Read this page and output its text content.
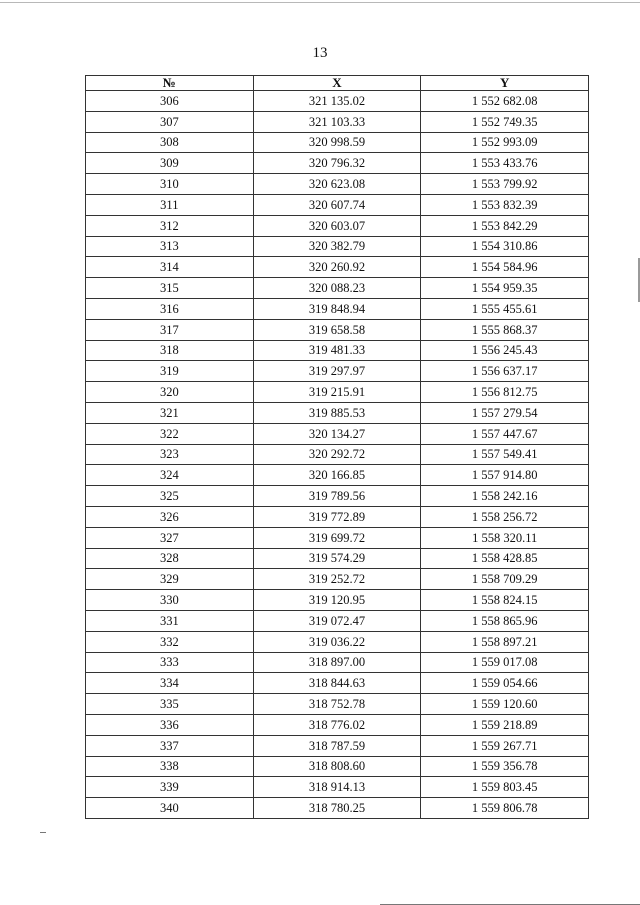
13
№	X	Y
306	321 135.02	1 552 682.08
307	321 103.33	1 552 749.35
308	320 998.59	1 552 993.09
309	320 796.32	1 553 433.76
310	320 623.08	1 553 799.92
311	320 607.74	1 553 832.39
312	320 603.07	1 553 842.29
313	320 382.79	1 554 310.86
314	320 260.92	1 554 584.96
315	320 088.23	1 554 959.35
316	319 848.94	1 555 455.61
317	319 658.58	1 555 868.37
318	319 481.33	1 556 245.43
319	319 297.97	1 556 637.17
320	319 215.91	1 556 812.75
321	319 885.53	1 557 279.54
322	320 134.27	1 557 447.67
323	320 292.72	1 557 549.41
324	320 166.85	1 557 914.80
325	319 789.56	1 558 242.16
326	319 772.89	1 558 256.72
327	319 699.72	1 558 320.11
328	319 574.29	1 558 428.85
329	319 252.72	1 558 709.29
330	319 120.95	1 558 824.15
331	319 072.47	1 558 865.96
332	319 036.22	1 558 897.21
333	318 897.00	1 559 017.08
334	318 844.63	1 559 054.66
335	318 752.78	1 559 120.60
336	318 776.02	1 559 218.89
337	318 787.59	1 559 267.71
338	318 808.60	1 559 356.78
339	318 914.13	1 559 803.45
340	318 780.25	1 559 806.78
